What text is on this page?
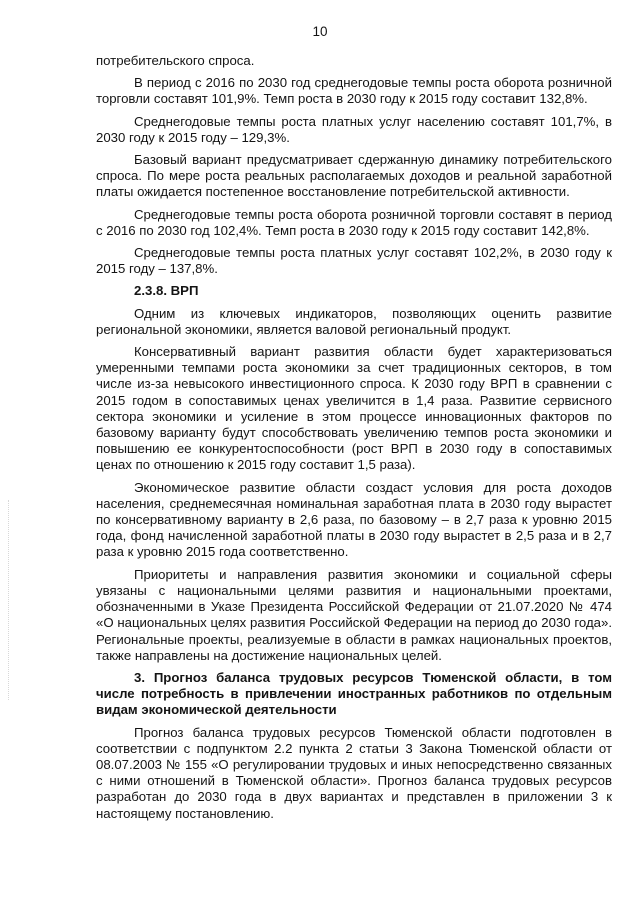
10

потребительского спроса.

В период с 2016 по 2030 год среднегодовые темпы роста оборота розничной торговли составят 101,9%. Темп роста в 2030 году к 2015 году составит 132,8%.

Среднегодовые темпы роста платных услуг населению составят 101,7%, в 2030 году к 2015 году – 129,3%.

Базовый вариант предусматривает сдержанную динамику потребительского спроса. По мере роста реальных располагаемых доходов и реальной заработной платы ожидается постепенное восстановление потребительской активности.

Среднегодовые темпы роста оборота розничной торговли составят в период с 2016 по 2030 год 102,4%. Темп роста в 2030 году к 2015 году составит 142,8%.

Среднегодовые темпы роста платных услуг составят 102,2%, в 2030 году к 2015 году – 137,8%.

2.3.8. ВРП

Одним из ключевых индикаторов, позволяющих оценить развитие региональной экономики, является валовой региональный продукт.

Консервативный вариант развития области будет характеризоваться умеренными темпами роста экономики за счет традиционных секторов, в том числе из-за невысокого инвестиционного спроса. К 2030 году ВРП в сравнении с 2015 годом в сопоставимых ценах увеличится в 1,4 раза. Развитие сервисного сектора экономики и усиление в этом процессе инновационных факторов по базовому варианту будут способствовать увеличению темпов роста экономики и повышению ее конкурентоспособности (рост ВРП в 2030 году в сопоставимых ценах по отношению к 2015 году составит 1,5 раза).

Экономическое развитие области создаст условия для роста доходов населения, среднемесячная номинальная заработная плата в 2030 году вырастет по консервативному варианту в 2,6 раза, по базовому – в 2,7 раза к уровню 2015 года, фонд начисленной заработной платы в 2030 году вырастет в 2,5 раза и в 2,7 раза к уровню 2015 года соответственно.

Приоритеты и направления развития экономики и социальной сферы увязаны с национальными целями развития и национальными проектами, обозначенными в Указе Президента Российской Федерации от 21.07.2020 № 474 «О национальных целях развития Российской Федерации на период до 2030 года». Региональные проекты, реализуемые в области в рамках национальных проектов, также направлены на достижение национальных целей.

3. Прогноз баланса трудовых ресурсов Тюменской области, в том числе потребность в привлечении иностранных работников по отдельным видам экономической деятельности

Прогноз баланса трудовых ресурсов Тюменской области подготовлен в соответствии с подпунктом 2.2 пункта 2 статьи 3 Закона Тюменской области от 08.07.2003 № 155 «О регулировании трудовых и иных непосредственно связанных с ними отношений в Тюменской области». Прогноз баланса трудовых ресурсов разработан до 2030 года в двух вариантах и представлен в приложении 3 к настоящему постановлению.
